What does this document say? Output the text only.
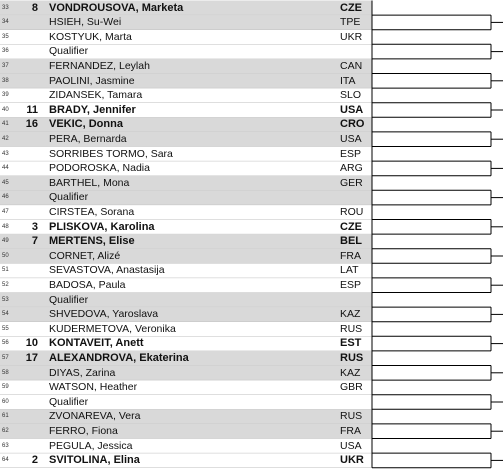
33	8 VONDROUSOVA, Marketa	CZE
34	HSIEH, Su-Wei	TPE
35	KOSTYUK, Marta	UKR
36	Qualifier
37	FERNANDEZ, Leylah	CAN
38	PAOLINI, Jasmine	ITA
39	ZIDANSEK, Tamara	SLO
40	11 BRADY, Jennifer	USA
41	16 VEKIC, Donna	CRO
42	PERA, Bernarda	USA
43	SORRIBES TORMO, Sara	ESP
44	PODOROSKA, Nadia	ARG
45	BARTHEL, Mona	GER
46	Qualifier
47	CIRSTEA, Sorana	ROU
48	3 PLISKOVA, Karolina	CZE
49	7 MERTENS, Elise	BEL
50	CORNET, Alizé	FRA
51	SEVASTOVA, Anastasija	LAT
52	BADOSA, Paula	ESP
53	Qualifier
54	SHVEDOVA, Yaroslava	KAZ
55	KUDERMETOVA, Veronika	RUS
56	10 KONTAVEIT, Anett	EST
57	17 ALEXANDROVA, Ekaterina	RUS
58	DIYAS, Zarina	KAZ
59	WATSON, Heather	GBR
60	Qualifier
61	ZVONAREVA, Vera	RUS
62	FERRO, Fiona	FRA
63	PEGULA, Jessica	USA
64	2 SVITOLINA, Elina	UKR
